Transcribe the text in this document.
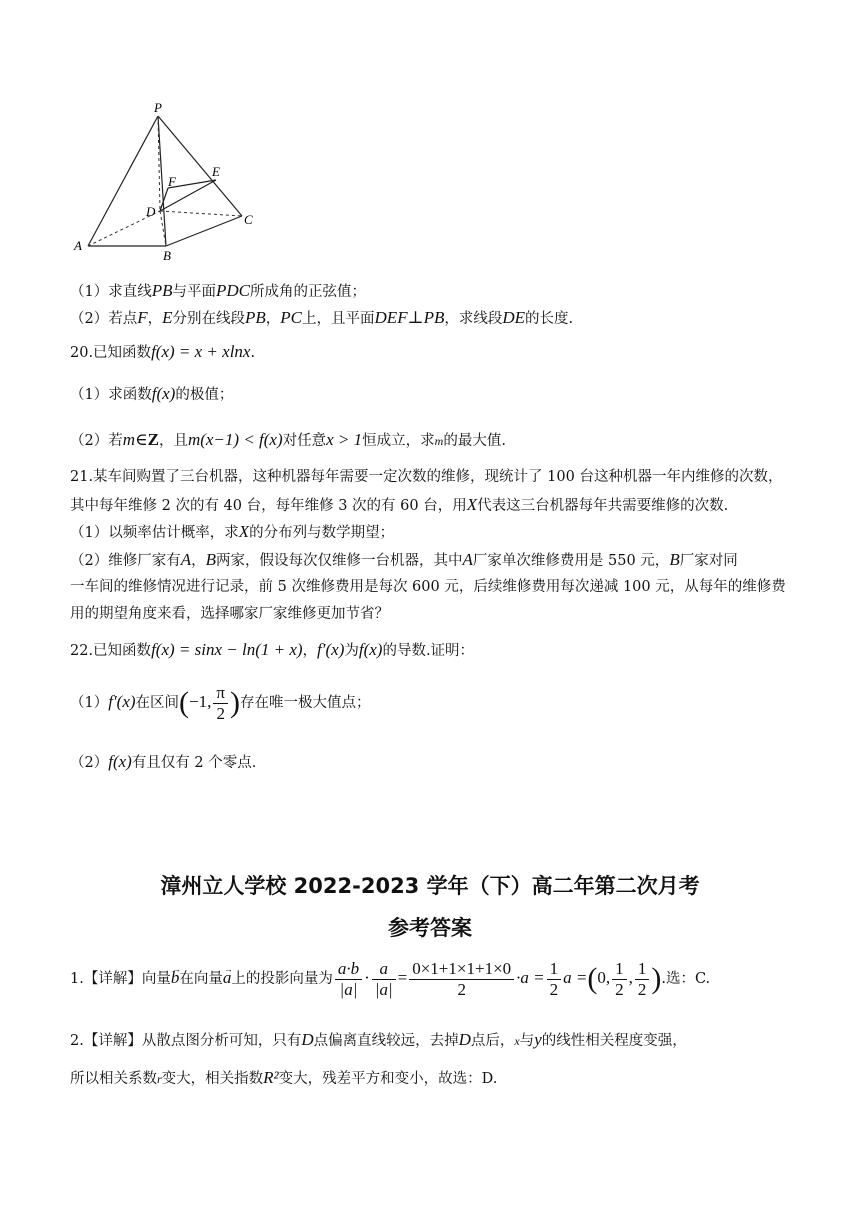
P
E
F
D
C
A
B
（1）求直线PB与平面PDC所成角的正弦值；
（2）若点F，E分别在线段PB，PC上，且平面DEF⊥PB，求线段DE的长度.
20.已知函数f(x) = x + xlnx.
（1）求函数f(x)的极值；
（2）若m∈Z，且m(x−1) < f(x)对任意x > 1恒成立，求m的最大值.
21.某车间购置了三台机器，这种机器每年需要一定次数的维修，现统计了 100 台这种机器一年内维修的次数，
其中每年维修 2 次的有 40 台，每年维修 3 次的有 60 台，用X代表这三台机器每年共需要维修的次数.
（1）以频率估计概率，求X的分布列与数学期望；
（2）维修厂家有A，B两家，假设每次仅维修一台机器，其中A厂家单次维修费用是 550 元，B厂家对同
一车间的维修情况进行记录，前 5 次维修费用是每次 600 元，后续维修费用每次递减 100 元，从每年的维修费
用的期望角度来看，选择哪家厂家维修更加节省？
22.已知函数f(x) = sinx − ln(1 + x)，f′(x)为f(x)的导数.证明：
（1）f′(x)在区间(−1, $\frac{\pi}{2}$ )存在唯一极大值点；
（2）f(x)有且仅有 2 个零点.
漳州立人学校 2022-2023 学年（下）高二年第二次月考
参考答案
1.【详解】向量→ b在向量→ a上的投影向量为 $\frac{a\cdot b}{|a|} \cdot \frac{a}{|a|} = \frac{0\times 1+1\times 1+1\times 0}{2} \cdot a = \frac{1}{2}$ a =(0, $\frac{1}{2}$ , $\frac{1}{2}$ ).选：C.
2.【详解】从散点图分析可知，只有D点偏离直线较远，去掉D点后，x与y的线性相关程度变强，
所以相关系数r变大，相关指数R²变大，残差平方和变小，故选：D.
